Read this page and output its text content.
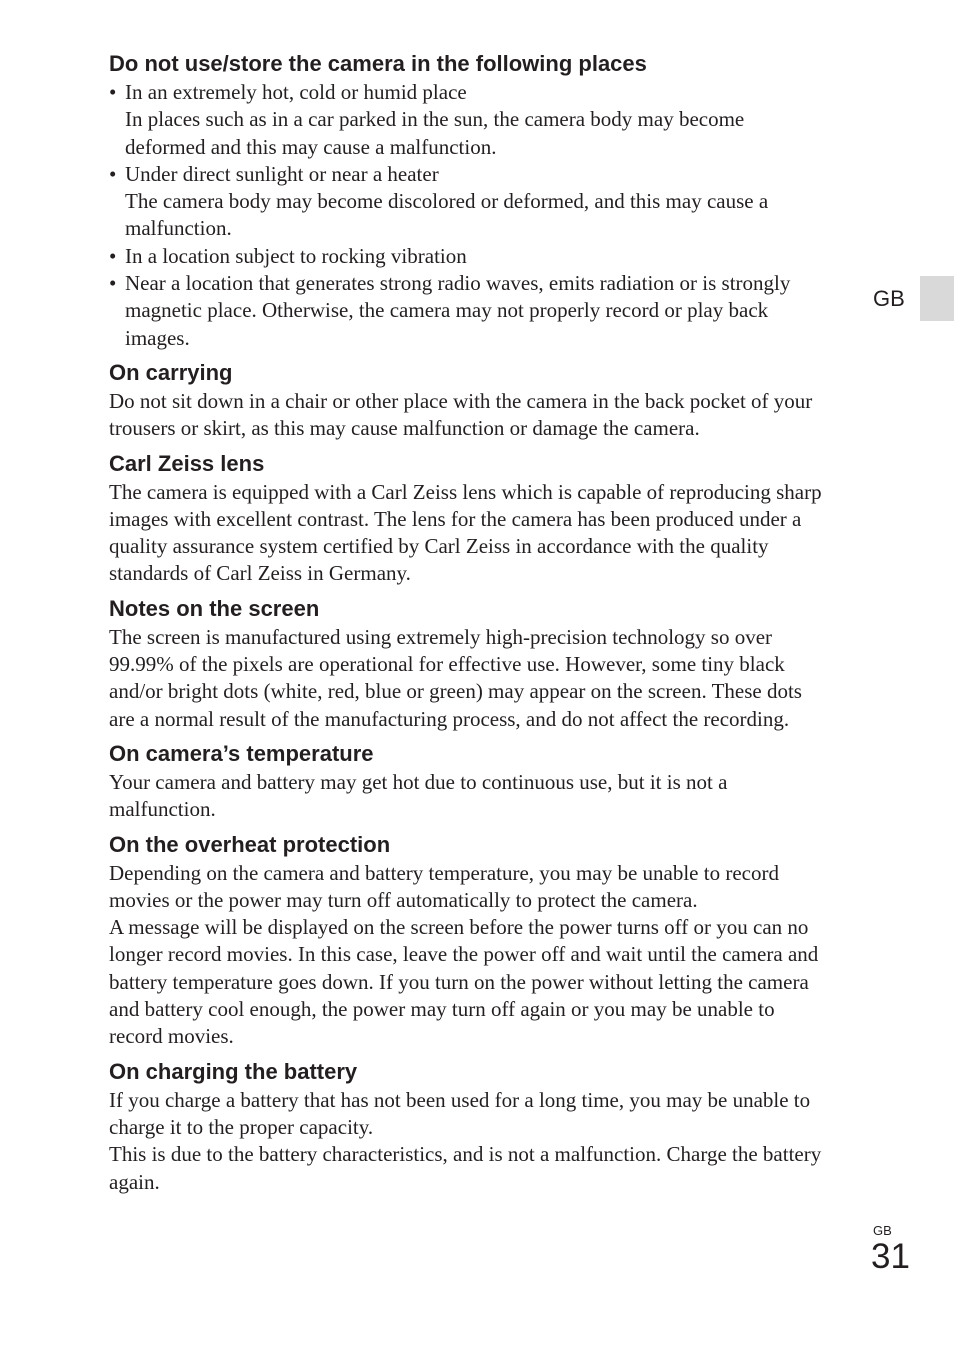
Do not use/store the camera in the following places
• In an extremely hot, cold or humid place
In places such as in a car parked in the sun, the camera body may become
deformed and this may cause a malfunction.
• Under direct sunlight or near a heater
The camera body may become discolored or deformed, and this may cause a
malfunction.
• In a location subject to rocking vibration
• Near a location that generates strong radio waves, emits radiation or is strongly
magnetic place. Otherwise, the camera may not properly record or play back
images.
On carrying

Do not sit down in a chair or other place with the camera in the back pocket of your
trousers or skirt, as this may cause malfunction or damage the camera.

Carl Zeiss lens

The camera is equipped with a Carl Zeiss lens which is capable of reproducing sharp
images with excellent contrast. The lens for the camera has been produced under a
quality assurance system certified by Carl Zeiss in accordance with the quality
standards of Carl Zeiss in Germany.

Notes on the screen

The screen is manufactured using extremely high-precision technology so over
99.99% of the pixels are operational for effective use. However, some tiny black
and/or bright dots (white, red, blue or green) may appear on the screen. These dots
are a normal result of the manufacturing process, and do not affect the recording.

On camera’s temperature

Your camera and battery may get hot due to continuous use, but it is not a
malfunction.

On the overheat protection

Depending on the camera and battery temperature, you may be unable to record
movies or the power may turn off automatically to protect the camera.
A message will be displayed on the screen before the power turns off or you can no
longer record movies. In this case, leave the power off and wait until the camera and
battery temperature goes down. If you turn on the power without letting the camera
and battery cool enough, the power may turn off again or you may be unable to
record movies.

On charging the battery

If you charge a battery that has not been used for a long time, you may be unable to
charge it to the proper capacity.
This is due to the battery characteristics, and is not a malfunction. Charge the battery
again.

GB
GB
31
